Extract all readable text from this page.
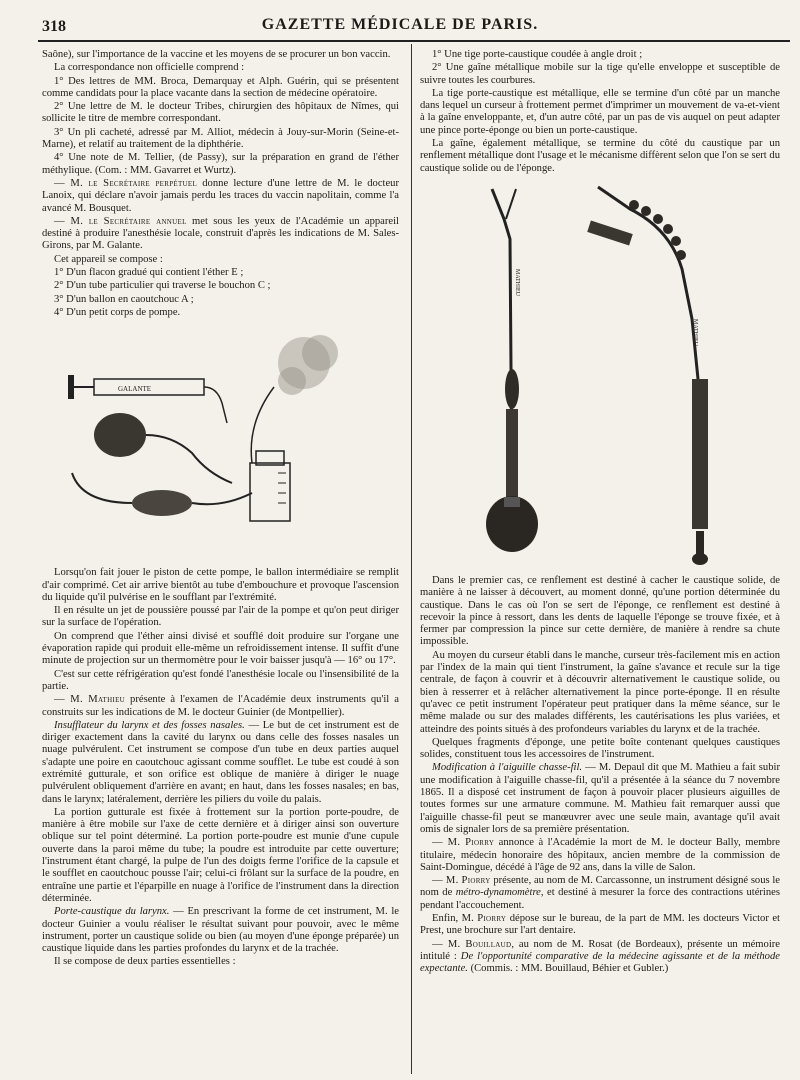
318	GAZETTE MÉDICALE DE PARIS.

Saône), sur l'importance de la vaccine et les moyens de se procurer un bon vaccin.

La correspondance non officielle comprend :

1° Des lettres de MM. Broca, Demarquay et Alph. Guérin, qui se présentent comme candidats pour la place vacante dans la section de médecine opératoire.

2° Une lettre de M. le docteur Tribes, chirurgien des hôpitaux de Nîmes, qui sollicite le titre de membre correspondant.

3° Un pli cacheté, adressé par M. Alliot, médecin à Jouy-sur-Morin (Seine-et-Marne), et relatif au traitement de la diphthérie.

4° Une note de M. Tellier, (de Passy), sur la préparation en grand de l'éther méthylique. (Com. : MM. Gavarret et Wurtz).

— M. le Secrétaire perpétuel donne lecture d'une lettre de M. le docteur Lanoix, qui déclare n'avoir jamais perdu les traces du vaccin napolitain, comme l'a avancé M. Bousquet.

— M. le Secrétaire annuel met sous les yeux de l'Académie un appareil destiné à produire l'anesthésie locale, construit d'après les indications de M. Sales-Girons, par M. Galante.

Cet appareil se compose :

1° D'un flacon gradué qui contient l'éther E ;

2° D'un tube particulier qui traverse le bouchon C ;

3° D'un ballon en caoutchouc A ;

4° D'un petit corps de pompe.

GALANTE

Lorsqu'on fait jouer le piston de cette pompe, le ballon intermédiaire se remplit d'air comprimé. Cet air arrive bientôt au tube d'embouchure et provoque l'ascension du liquide qu'il pulvérise en le soufflant par l'extrémité.

Il en résulte un jet de poussière poussé par l'air de la pompe et qu'on peut diriger sur la surface de l'opération.

On comprend que l'éther ainsi divisé et soufflé doit produire sur l'organe une évaporation rapide qui produit elle-même un refroidissement intense. Il suffit d'une minute de projection sur un thermomètre pour le voir baisser jusqu'à — 16° ou 17°.

C'est sur cette réfrigération qu'est fondé l'anesthésie locale ou l'insensibilité de la partie.

— M. Mathieu présente à l'examen de l'Académie deux instruments qu'il a construits sur les indications de M. le docteur Guinier (de Montpellier).

Insufflateur du larynx et des fosses nasales. — Le but de cet instrument est de diriger exactement dans la cavité du larynx ou dans celle des fosses nasales un nuage pulvérulent. Cet instrument se compose d'un tube en deux parties auquel s'adapte une poire en caoutchouc agissant comme soufflet. Le tube est coudé à son extrémité gutturale, et son orifice est oblique de manière à diriger le nuage pulvérulent obliquement d'arrière en avant; en haut, dans les fosses nasales; en bas, dans le larynx; latéralement, derrière les piliers du voile du palais.

La portion gutturale est fixée à frottement sur la portion porte-poudre, de manière à être mobile sur l'axe de cette dernière et à diriger ainsi son ouverture oblique sur tel point déterminé. La portion porte-poudre est munie d'une cupule ouverte dans la paroi même du tube; la poudre est introduite par cette ouverture; l'instrument étant chargé, la pulpe de l'un des doigts ferme l'orifice de la capsule et le soufflet en caoutchouc pousse l'air; celui-ci frôlant sur la surface de la poudre, en entraîne une partie et l'éparpille en nuage à l'orifice de l'instrument dans la direction déterminée.

Porte-caustique du larynx. — En prescrivant la forme de cet instrument, M. le docteur Guinier a voulu réaliser le résultat suivant pour pouvoir, avec le même instrument, porter un caustique solide ou bien (au moyen d'une éponge préparée) un caustique liquide dans les parties profondes du larynx et de la trachée.

Il se compose de deux parties essentielles :

1° Une tige porte-caustique coudée à angle droit ;

2° Une gaîne métallique mobile sur la tige qu'elle enveloppe et susceptible de suivre toutes les courbures.

La tige porte-caustique est métallique, elle se termine d'un côté par un manche dans lequel un curseur à frottement permet d'imprimer un mouvement de va-et-vient à la gaîne enveloppante, et, d'un autre côté, par un pas de vis auquel on peut adapter une pince porte-éponge ou bien un porte-caustique.

La gaîne, également métallique, se termine du côté du caustique par un renflement métallique dont l'usage et le mécanisme diffèrent selon que l'on se sert du caustique solide ou de l'éponge.

MATHIEU
MATHIEU

Dans le premier cas, ce renflement est destiné à cacher le caustique solide, de manière à ne laisser à découvert, au moment donné, qu'une portion déterminée du caustique. Dans le cas où l'on se sert de l'éponge, ce renflement est destiné à recevoir la pince à ressort, dans les dents de laquelle l'éponge se trouve fixée, et à fermer par compression la pince sur cette dernière, de manière à rendre sa chute impossible.

Au moyen du curseur établi dans le manche, curseur très-facilement mis en action par l'index de la main qui tient l'instrument, la gaîne s'avance et recule sur la tige centrale, de façon à couvrir et à découvrir alternativement le caustique solide, ou bien à resserrer et à relâcher alternativement la pince porte-éponge. Il en résulte qu'avec ce petit instrument l'opérateur peut pratiquer dans la même séance, sur le même malade ou sur des malades différents, les cautérisations les plus variées, et atteindre des points situés à des profondeurs variables du larynx et de la trachée.

Quelques fragments d'éponge, une petite boîte contenant quelques caustiques solides, constituent tous les accessoires de l'instrument.

Modification à l'aiguille chasse-fil. — M. Depaul dit que M. Mathieu a fait subir une modification à l'aiguille chasse-fil, qu'il a présentée à la séance du 7 novembre 1865. Il a disposé cet instrument de façon à pouvoir placer plusieurs aiguilles de toutes formes sur une armature commune. M. Mathieu fait remarquer aussi que l'aiguille chasse-fil peut se manœuvrer avec une seule main, avantage qu'il avait omis de signaler lors de sa première présentation.

— M. Piorry annonce à l'Académie la mort de M. le docteur Bally, membre titulaire, médecin honoraire des hôpitaux, ancien membre de la commission de Saint-Domingue, décédé à l'âge de 92 ans, dans la ville de Salon.

— M. Piorry présente, au nom de M. Carcassonne, un instrument désigné sous le nom de métro-dynamomètre, et destiné à mesurer la force des contractions utérines pendant l'accouchement.

Enfin, M. Piorry dépose sur le bureau, de la part de MM. les docteurs Victor et Prest, une brochure sur l'art dentaire.

— M. Bouillaud, au nom de M. Rosat (de Bordeaux), présente un mémoire intitulé : De l'opportunité comparative de la médecine agissante et de la méthode expectante. (Commis. : MM. Bouillaud, Béhier et Gubler.)
